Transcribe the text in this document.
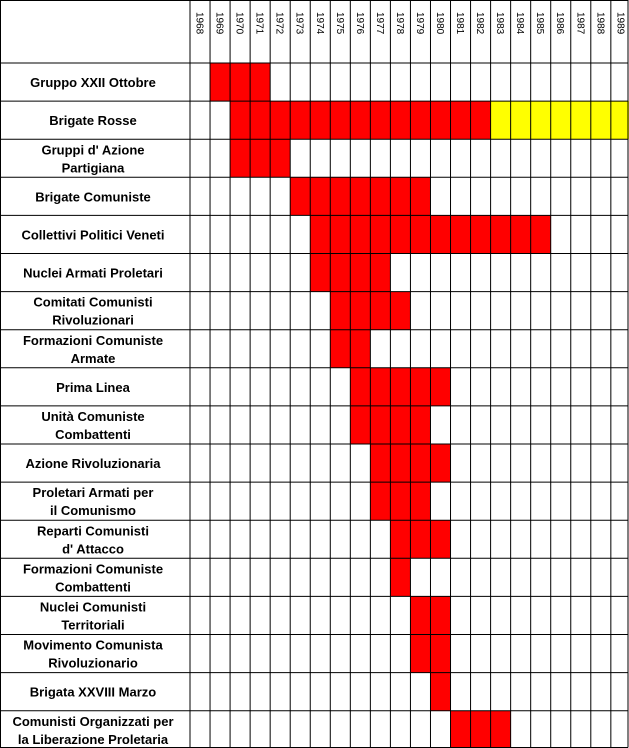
1968 1969 1970 1971 1972 1973 1974 1975 1976 1977 1978 1979 1980 1981 1982 1983 1984 1985 1986 1987 1988 1989
Gruppo XXII Ottobre
Brigate Rosse
Gruppi d' Azione Partigiana
Brigate Comuniste
Collettivi Politici Veneti
Nuclei Armati Proletari
Comitati Comunisti Rivoluzionari
Formazioni Comuniste Armate
Prima Linea
Unità Comuniste Combattenti
Azione Rivoluzionaria
Proletari Armati per il Comunismo
Reparti Comunisti d' Attacco
Formazioni Comuniste Combattenti
Nuclei Comunisti Territoriali
Movimento Comunista Rivoluzionario
Brigata XXVIII Marzo
Comunisti Organizzati per la Liberazione Proletaria
